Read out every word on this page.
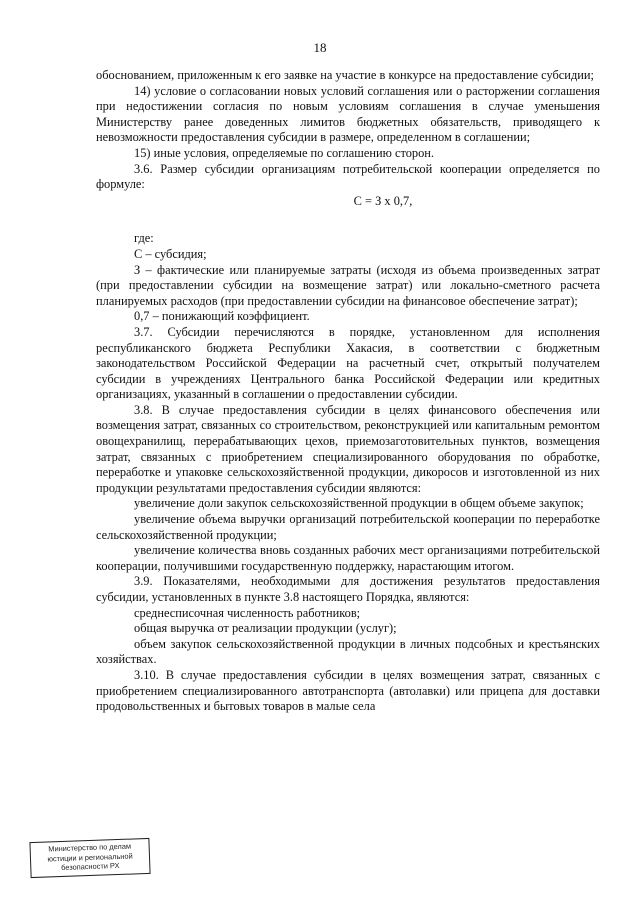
18

обоснованием, приложенным к его заявке на участие в конкурсе на предоставление субсидии;

14) условие о согласовании новых условий соглашения или о расторжении соглашения при недостижении согласия по новым условиям соглашения в случае уменьшения Министерству ранее доведенных лимитов бюджетных обязательств, приводящего к невозможности предоставления субсидии в размере, определенном в соглашении;

15) иные условия, определяемые по соглашению сторон.

3.6. Размер субсидии организациям потребительской кооперации определяется по формуле:

С = З х 0,7,

где:

С – субсидия;

З – фактические или планируемые затраты (исходя из объема произведенных затрат (при предоставлении субсидии на возмещение затрат) или локально-сметного расчета планируемых расходов (при предоставлении субсидии на финансовое обеспечение затрат);

0,7 – понижающий коэффициент.

3.7. Субсидии перечисляются в порядке, установленном для исполнения республиканского бюджета Республики Хакасия, в соответствии с бюджетным законодательством Российской Федерации на расчетный счет, открытый получателем субсидии в учреждениях Центрального банка Российской Федерации или кредитных организациях, указанный в соглашении о предоставлении субсидии.

3.8. В случае предоставления субсидии в целях финансового обеспечения или возмещения затрат, связанных со строительством, реконструкцией или капитальным ремонтом овощехранилищ, перерабатывающих цехов, приемозаготовительных пунктов, возмещения затрат, связанных с приобретением специализированного оборудования по обработке, переработке и упаковке сельскохозяйственной продукции, дикоросов и изготовленной из них продукции результатами предоставления субсидии являются:

увеличение доли закупок сельскохозяйственной продукции в общем объеме закупок;

увеличение объема выручки организаций потребительской кооперации по переработке сельскохозяйственной продукции;

увеличение количества вновь созданных рабочих мест организациями потребительской кооперации, получившими государственную поддержку, нарастающим итогом.

3.9. Показателями, необходимыми для достижения результатов предоставления субсидии, установленных в пункте 3.8 настоящего Порядка, являются:

среднесписочная численность работников;

общая выручка от реализации продукции (услуг);

объем закупок сельскохозяйственной продукции в личных подсобных и крестьянских хозяйствах.

3.10. В случае предоставления субсидии в целях возмещения затрат, связанных с приобретением специализированного автотранспорта (автолавки) или прицепа для доставки продовольственных и бытовых товаров в малые села

Министерство по делам
юстиции и региональной
безопасности РХ
